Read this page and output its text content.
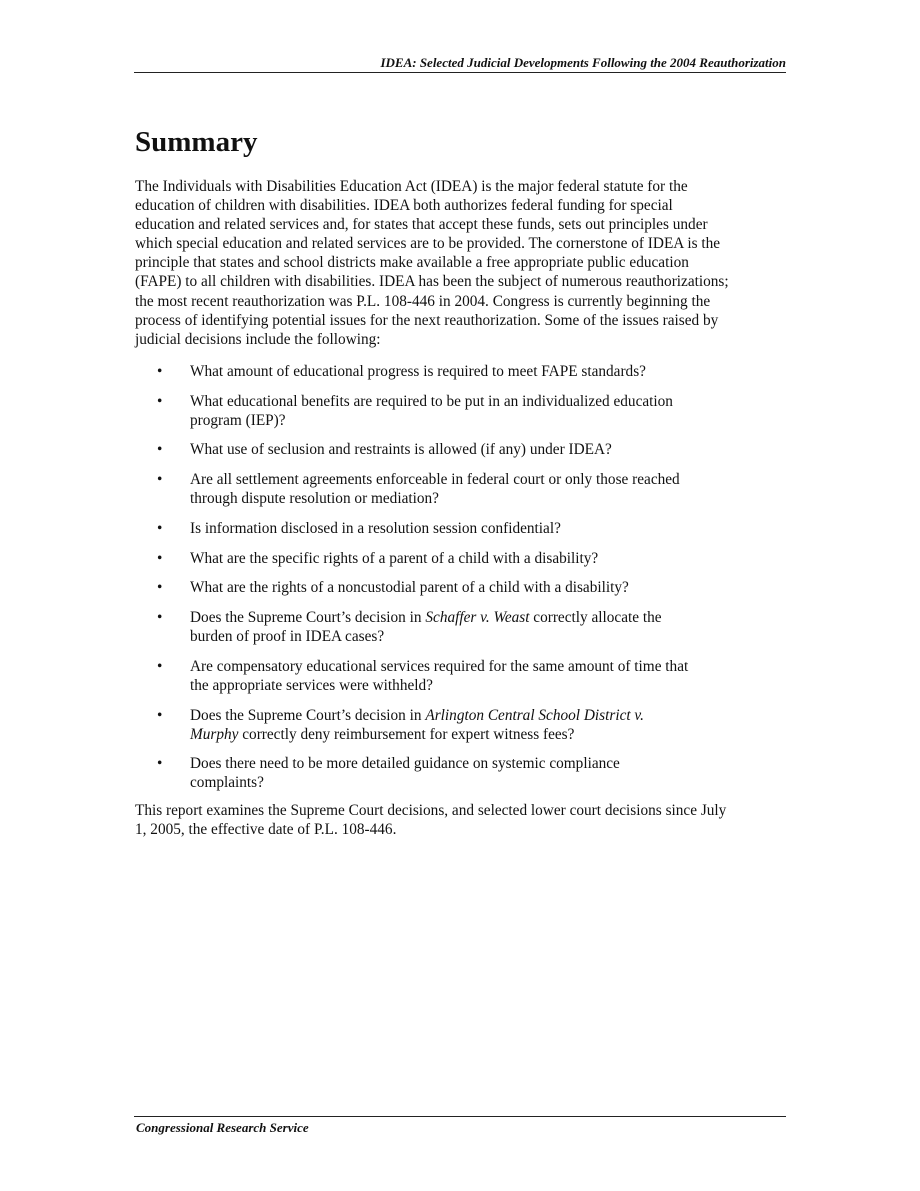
IDEA: Selected Judicial Developments Following the 2004 Reauthorization
Summary
The Individuals with Disabilities Education Act (IDEA) is the major federal statute for the
education of children with disabilities. IDEA both authorizes federal funding for special
education and related services and, for states that accept these funds, sets out principles under
which special education and related services are to be provided. The cornerstone of IDEA is the
principle that states and school districts make available a free appropriate public education
(FAPE) to all children with disabilities. IDEA has been the subject of numerous reauthorizations;
the most recent reauthorization was P.L. 108-446 in 2004. Congress is currently beginning the
process of identifying potential issues for the next reauthorization. Some of the issues raised by
judicial decisions include the following:
• What amount of educational progress is required to meet FAPE standards?
• What educational benefits are required to be put in an individualized education
program (IEP)?
• What use of seclusion and restraints is allowed (if any) under IDEA?
• Are all settlement agreements enforceable in federal court or only those reached
through dispute resolution or mediation?
• Is information disclosed in a resolution session confidential?
• What are the specific rights of a parent of a child with a disability?
• What are the rights of a noncustodial parent of a child with a disability?
• Does the Supreme Court’s decision in Schaffer v. Weast correctly allocate the
burden of proof in IDEA cases?
• Are compensatory educational services required for the same amount of time that
the appropriate services were withheld?
• Does the Supreme Court’s decision in Arlington Central School District v.
Murphy correctly deny reimbursement for expert witness fees?
• Does there need to be more detailed guidance on systemic compliance
complaints?
This report examines the Supreme Court decisions, and selected lower court decisions since July
1, 2005, the effective date of P.L. 108-446.
Congressional Research Service
